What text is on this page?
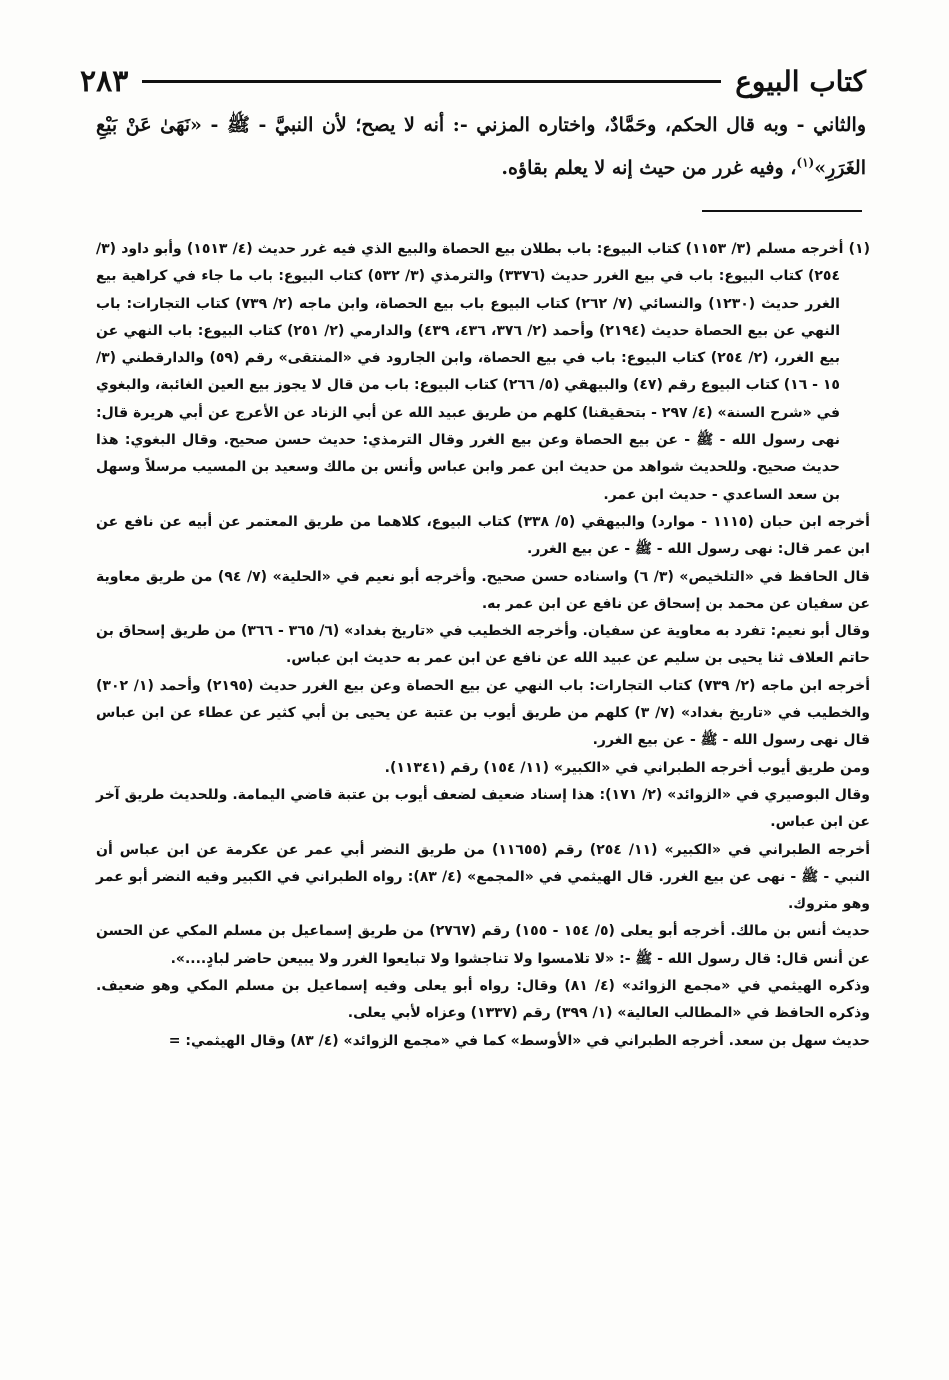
٢٨٣	كتاب البيوع

والثاني - وبه قال الحكم، وحَمَّادٌ، واختاره المزني -: أنه لا يصح؛ لأن النبيَّ - ﷺ - «نَهَىٰ عَنْ بَيْعِ الغَرَرِ»$^{(١)}$، وفيه غرر من حيث إنه لا يعلم بقاؤه.

(١) أخرجه مسلم (٣/ ١١٥٣) كتاب البيوع: باب بطلان بيع الحصاة والبيع الذي فيه غرر حديث (٤/ ١٥١٣) وأبو داود (٣/ ٢٥٤) كتاب البيوع: باب في بيع الغرر حديث (٣٣٧٦) والترمذي (٣/ ٥٣٢) كتاب البيوع: باب ما جاء في كراهية بيع الغرر حديث (١٢٣٠) والنسائي (٧/ ٢٦٢) كتاب البيوع باب بيع الحصاة، وابن ماجه (٢/ ٧٣٩) كتاب التجارات: باب النهي عن بيع الحصاة حديث (٢١٩٤) وأحمد (٢/ ٣٧٦، ٤٣٦، ٤٣٩) والدارمي (٢/ ٢٥١) كتاب البيوع: باب النهي عن بيع الغرر، (٢/ ٢٥٤) كتاب البيوع: باب في بيع الحصاة، وابن الجارود في «المنتقى» رقم (٥٩) والدارقطني (٣/ ١٥ - ١٦) كتاب البيوع رقم (٤٧) والبيهقي (٥/ ٢٦٦) كتاب البيوع: باب من قال لا يجوز بيع العين الغائبة، والبغوي في «شرح السنة» (٤/ ٢٩٧ - بتحقيقنا) كلهم من طريق عبيد الله عن أبي الزناد عن الأعرج عن أبي هريرة قال: نهى رسول الله - ﷺ - عن بيع الحصاة وعن بيع الغرر وقال الترمذي: حديث حسن صحيح. وقال البغوي: هذا حديث صحيح. وللحديث شواهد من حديث ابن عمر وابن عباس وأنس بن مالك وسعيد بن المسيب مرسلاً وسهل بن سعد الساعدي - حديث ابن عمر.

أخرجه ابن حبان (١١١٥ - موارد) والبيهقي (٥/ ٣٣٨) كتاب البيوع، كلاهما من طريق المعتمر عن أبيه عن نافع عن ابن عمر قال: نهى رسول الله - ﷺ - عن بيع الغرر.

قال الحافظ في «التلخيص» (٣/ ٦) واسناده حسن صحيح. وأخرجه أبو نعيم في «الحلية» (٧/ ٩٤) من طريق معاوية عن سفيان عن محمد بن إسحاق عن نافع عن ابن عمر به.

وقال أبو نعيم: تفرد به معاوية عن سفيان. وأخرجه الخطيب في «تاريخ بغداد» (٦/ ٣٦٥ - ٣٦٦) من طريق إسحاق بن حاتم العلاف ثنا يحيى بن سليم عن عبيد الله عن نافع عن ابن عمر به حديث ابن عباس.

أخرجه ابن ماجه (٢/ ٧٣٩) كتاب التجارات: باب النهي عن بيع الحصاة وعن بيع الغرر حديث (٢١٩٥) وأحمد (١/ ٣٠٢) والخطيب في «تاريخ بغداد» (٧/ ٣) كلهم من طريق أيوب بن عتبة عن يحيى بن أبي كثير عن عطاء عن ابن عباس قال نهى رسول الله - ﷺ - عن بيع الغرر.

ومن طريق أيوب أخرجه الطبراني في «الكبير» (١١/ ١٥٤) رقم (١١٣٤١).

وقال البوصيري في «الزوائد» (٢/ ١٧١): هذا إسناد ضعيف لضعف أيوب بن عتبة قاضي اليمامة. وللحديث طريق آخر عن ابن عباس.

أخرجه الطبراني في «الكبير» (١١/ ٢٥٤) رقم (١١٦٥٥) من طريق النضر أبي عمر عن عكرمة عن ابن عباس أن النبي - ﷺ - نهى عن بيع الغرر. قال الهيثمي في «المجمع» (٤/ ٨٣): رواه الطبراني في الكبير وفيه النضر أبو عمر وهو متروك.

حديث أنس بن مالك. أخرجه أبو يعلى (٥/ ١٥٤ - ١٥٥) رقم (٢٧٦٧) من طريق إسماعيل بن مسلم المكي عن الحسن عن أنس قال: قال رسول الله - ﷺ -: «لا تلامسوا ولا تناجشوا ولا تبايعوا الغرر ولا يبيعن حاضر لبادٍ....».

وذكره الهيثمي في «مجمع الزوائد» (٤/ ٨١) وقال: رواه أبو يعلى وفيه إسماعيل بن مسلم المكي وهو ضعيف. وذكره الحافظ في «المطالب العالية» (١/ ٣٩٩) رقم (١٣٣٧) وعزاه لأبي يعلى.

حديث سهل بن سعد. أخرجه الطبراني في «الأوسط» كما في «مجمع الزوائد» (٤/ ٨٣) وقال الهيثمي: =
